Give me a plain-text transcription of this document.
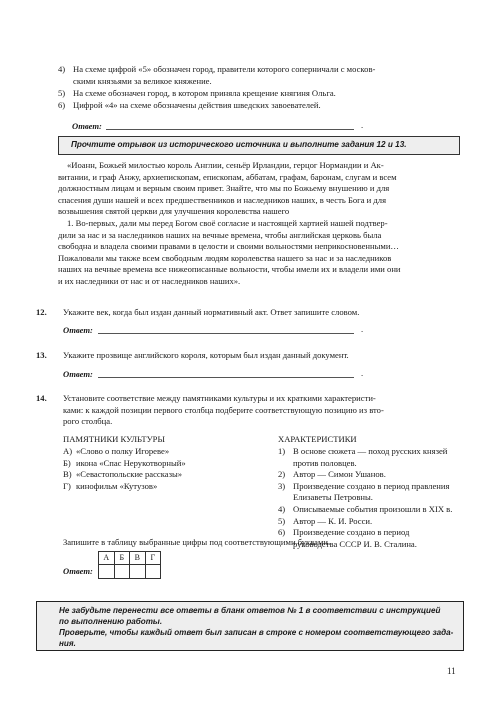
4) На схеме цифрой «5» обозначен город, правители которого соперничали с москов-
скими князьями за великое княжение.
5) На схеме обозначен город, в котором приняла крещение княгиня Ольга.
6) Цифрой «4» на схеме обозначены действия шведских завоевателей.
Ответ:	.
Прочтите отрывок из исторического источника и выполните задания 12 и 13.
«Иоанн, Божьей милостью король Англии, сеньёр Ирландии, герцог Нормандии и Ак-
витании, и граф Анжу, архиепископам, епископам, аббатам, графам, баронам, слугам и всем
должностным лицам и верным своим привет. Знайте, что мы по Божьему внушению и для
спасения души нашей и всех предшественников и наследников наших, в честь Бога и для
возвышения святой церкви для улучшения королевства нашего
1. Во-первых, дали мы перед Богом своё согласие и настоящей хартией нашей подтвер-
дили за нас и за наследников наших на вечные времена, чтобы английская церковь была
свободна и владела своими правами в целости и своими вольностями неприкосновенными…
Пожаловали мы также всем свободным людям королевства нашего за нас и за наследников
наших на вечные времена все нижеописанные вольности, чтобы имели их и владели ими они
и их наследники от нас и от наследников наших».
12. Укажите век, когда был издан данный нормативный акт. Ответ запишите словом.
Ответ:	.
13. Укажите прозвище английского короля, которым был издан данный документ.
Ответ:	.
14. Установите соответствие между памятниками культуры и их краткими характеристи-
ками: к каждой позиции первого столбца подберите соответствующую позицию из вто-
рого столбца.
ПАМЯТНИКИ КУЛЬТУРЫ
А) «Слово о полку Игореве»
Б) икона «Спас Нерукотворный»
В) «Севастопольские рассказы»
Г) кинофильм «Кутузов»
ХАРАКТЕРИСТИКИ
1) В основе сюжета — поход русских князей
против половцев.
2) Автор — Симон Ушанов.
3) Произведение создано в период правления
Елизаветы Петровны.
4) Описываемые события произошли в XIX в.
5) Автор — К. И. Росси.
6) Произведение создано в период
руководства СССР И. В. Сталина.
Запишите в таблицу выбранные цифры под соответствующими буквами.
Ответ:
А	Б	В	Г

Не забудьте перенести все ответы в бланк ответов № 1 в соответствии с инструкцией
по выполнению работы.
Проверьте, чтобы каждый ответ был записан в строке с номером соответствующего зада-
ния.
11
